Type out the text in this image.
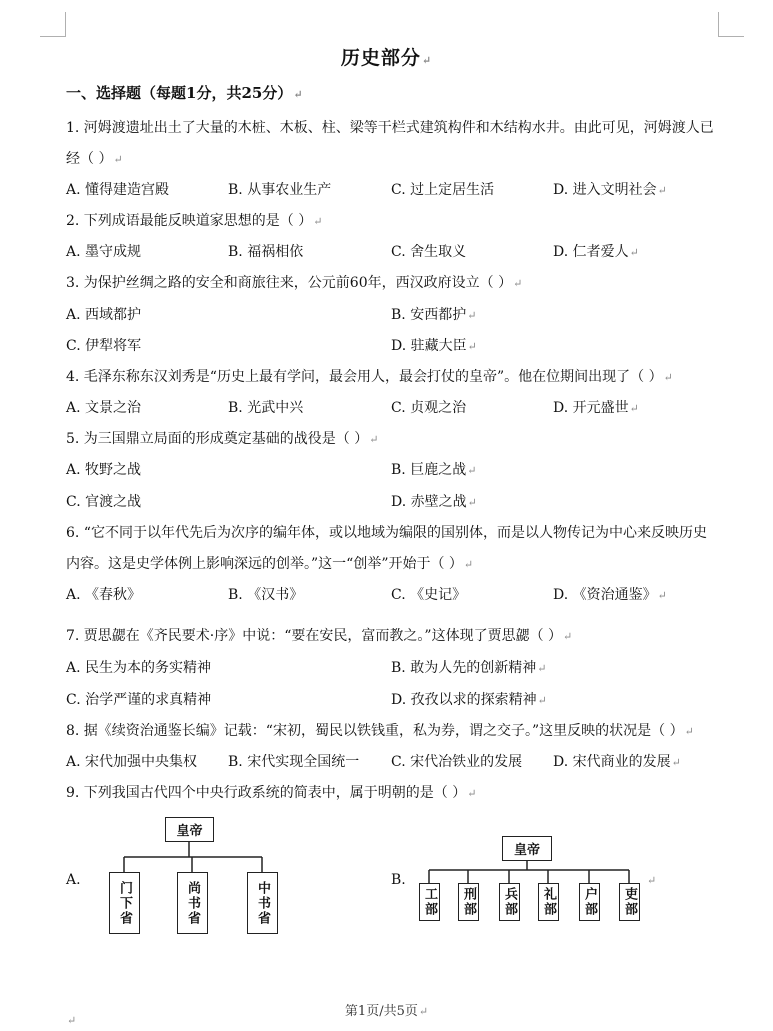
历史部分↵
一、选择题（每题1分，共25分）↵
1. 河姆渡遗址出土了大量的木桩、木板、柱、梁等干栏式建筑构件和木结构水井。由此可见，河姆渡人已
经（ ）↵
A. 懂得建造宫殿	B. 从事农业生产	C. 过上定居生活	D. 进入文明社会↵
2. 下列成语最能反映道家思想的是（ ）↵
A. 墨守成规	B. 福祸相依	C. 舍生取义	D. 仁者爱人↵
3. 为保护丝绸之路的安全和商旅往来，公元前60年，西汉政府设立（ ）↵
A. 西域都护	B. 安西都护↵
C. 伊犁将军	D. 驻藏大臣↵
4. 毛泽东称东汉刘秀是“历史上最有学问，最会用人，最会打仗的皇帝”。他在位期间出现了（ ）↵
A. 文景之治	B. 光武中兴	C. 贞观之治	D. 开元盛世↵
5. 为三国鼎立局面的形成奠定基础的战役是（ ）↵
A. 牧野之战	B. 巨鹿之战↵
C. 官渡之战	D. 赤壁之战↵
6. “它不同于以年代先后为次序的编年体，或以地域为编限的国别体，而是以人物传记为中心来反映历史
内容。这是史学体例上影响深远的创举。”这一“创举”开始于（ ）↵
A. 《春秋》	B. 《汉书》	C. 《史记》	D. 《资治通鉴》↵
7. 贾思勰在《齐民要术·序》中说：“要在安民，富而教之。”这体现了贾思勰（ ）↵
A. 民生为本的务实精神	B. 敢为人先的创新精神↵
C. 治学严谨的求真精神	D. 孜孜以求的探索精神↵
8. 据《续资治通鉴长编》记载：“宋初，蜀民以铁钱重，私为券，谓之交子。”这里反映的状况是（ ）↵
A. 宋代加强中央集权 B. 宋代实现全国统一 C. 宋代冶铁业的发展 D. 宋代商业的发展↵
9. 下列我国古代四个中央行政系统的简表中，属于明朝的是（ ）↵
A.
皇帝
门下省	尚书省	中书省
B.
皇帝
工部 刑部 兵部 礼部 户部 吏部
↵
第1页/共5页↵
↵
